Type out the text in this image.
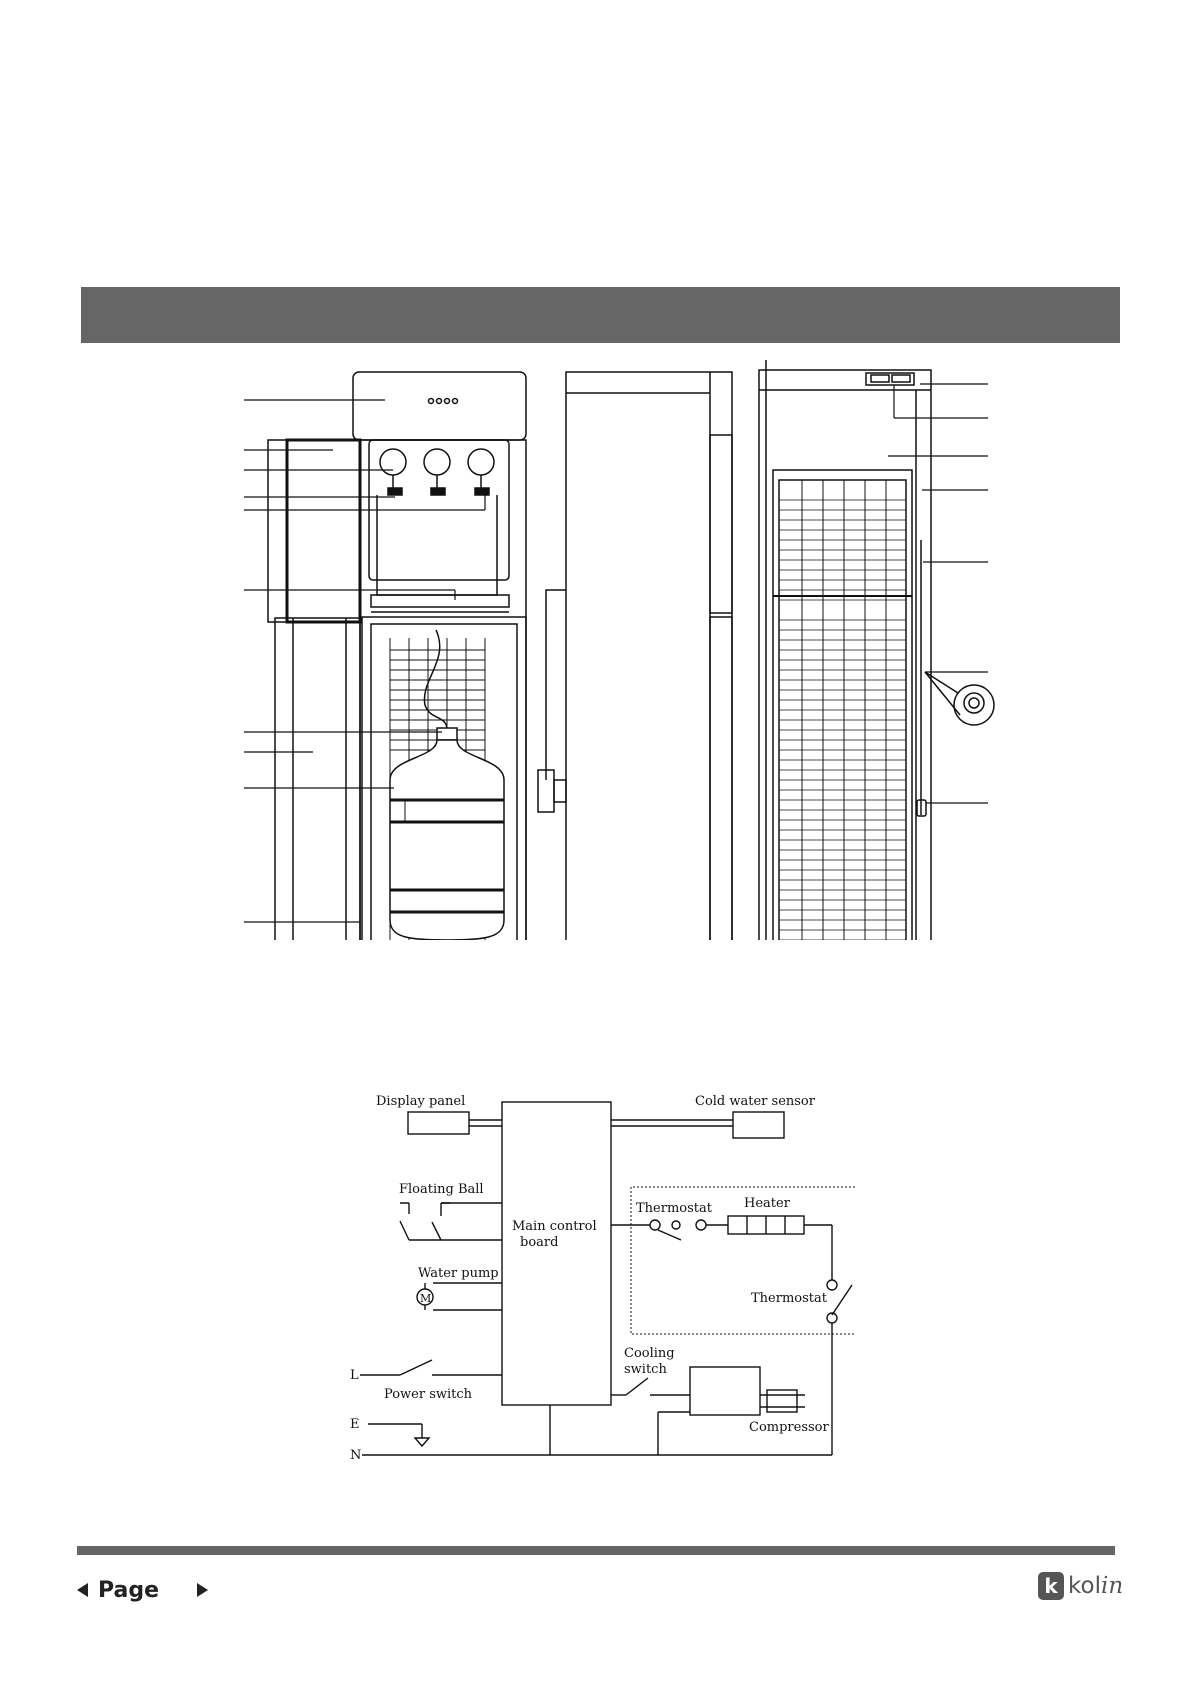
Main control
board
Display panel	Cold water sensor
Floating Ball
Water pump
M
L
Power switch
E
N
Thermostat Heater
Thermostat
Cooling
switch
Compressor
Page	k kolin
